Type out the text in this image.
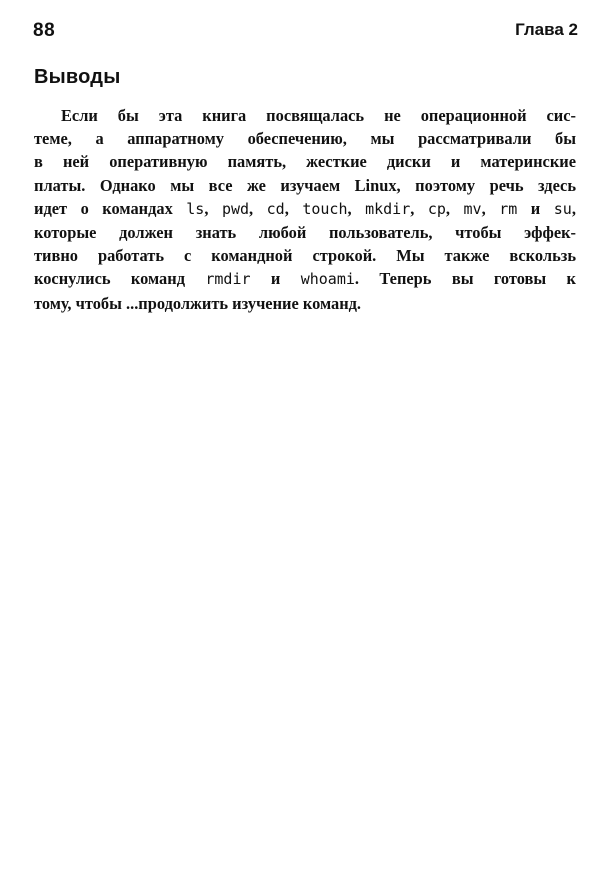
88	Глава 2
Выводы
Если бы эта книга посвящалась не операционной сис-
теме, а аппаратному обеспечению, мы рассматривали бы
в ней оперативную память, жесткие диски и материнские
платы. Однако мы все же изучаем Linux, поэтому речь здесь
идет о командах ls, pwd, cd, touch, mkdir, cp, mv, rm и su,
которые должен знать любой пользователь, чтобы эффек-
тивно работать с командной строкой. Мы также вскользь
коснулись команд rmdir и whoami. Теперь вы готовы к
тому, чтобы ...продолжить изучение команд.
